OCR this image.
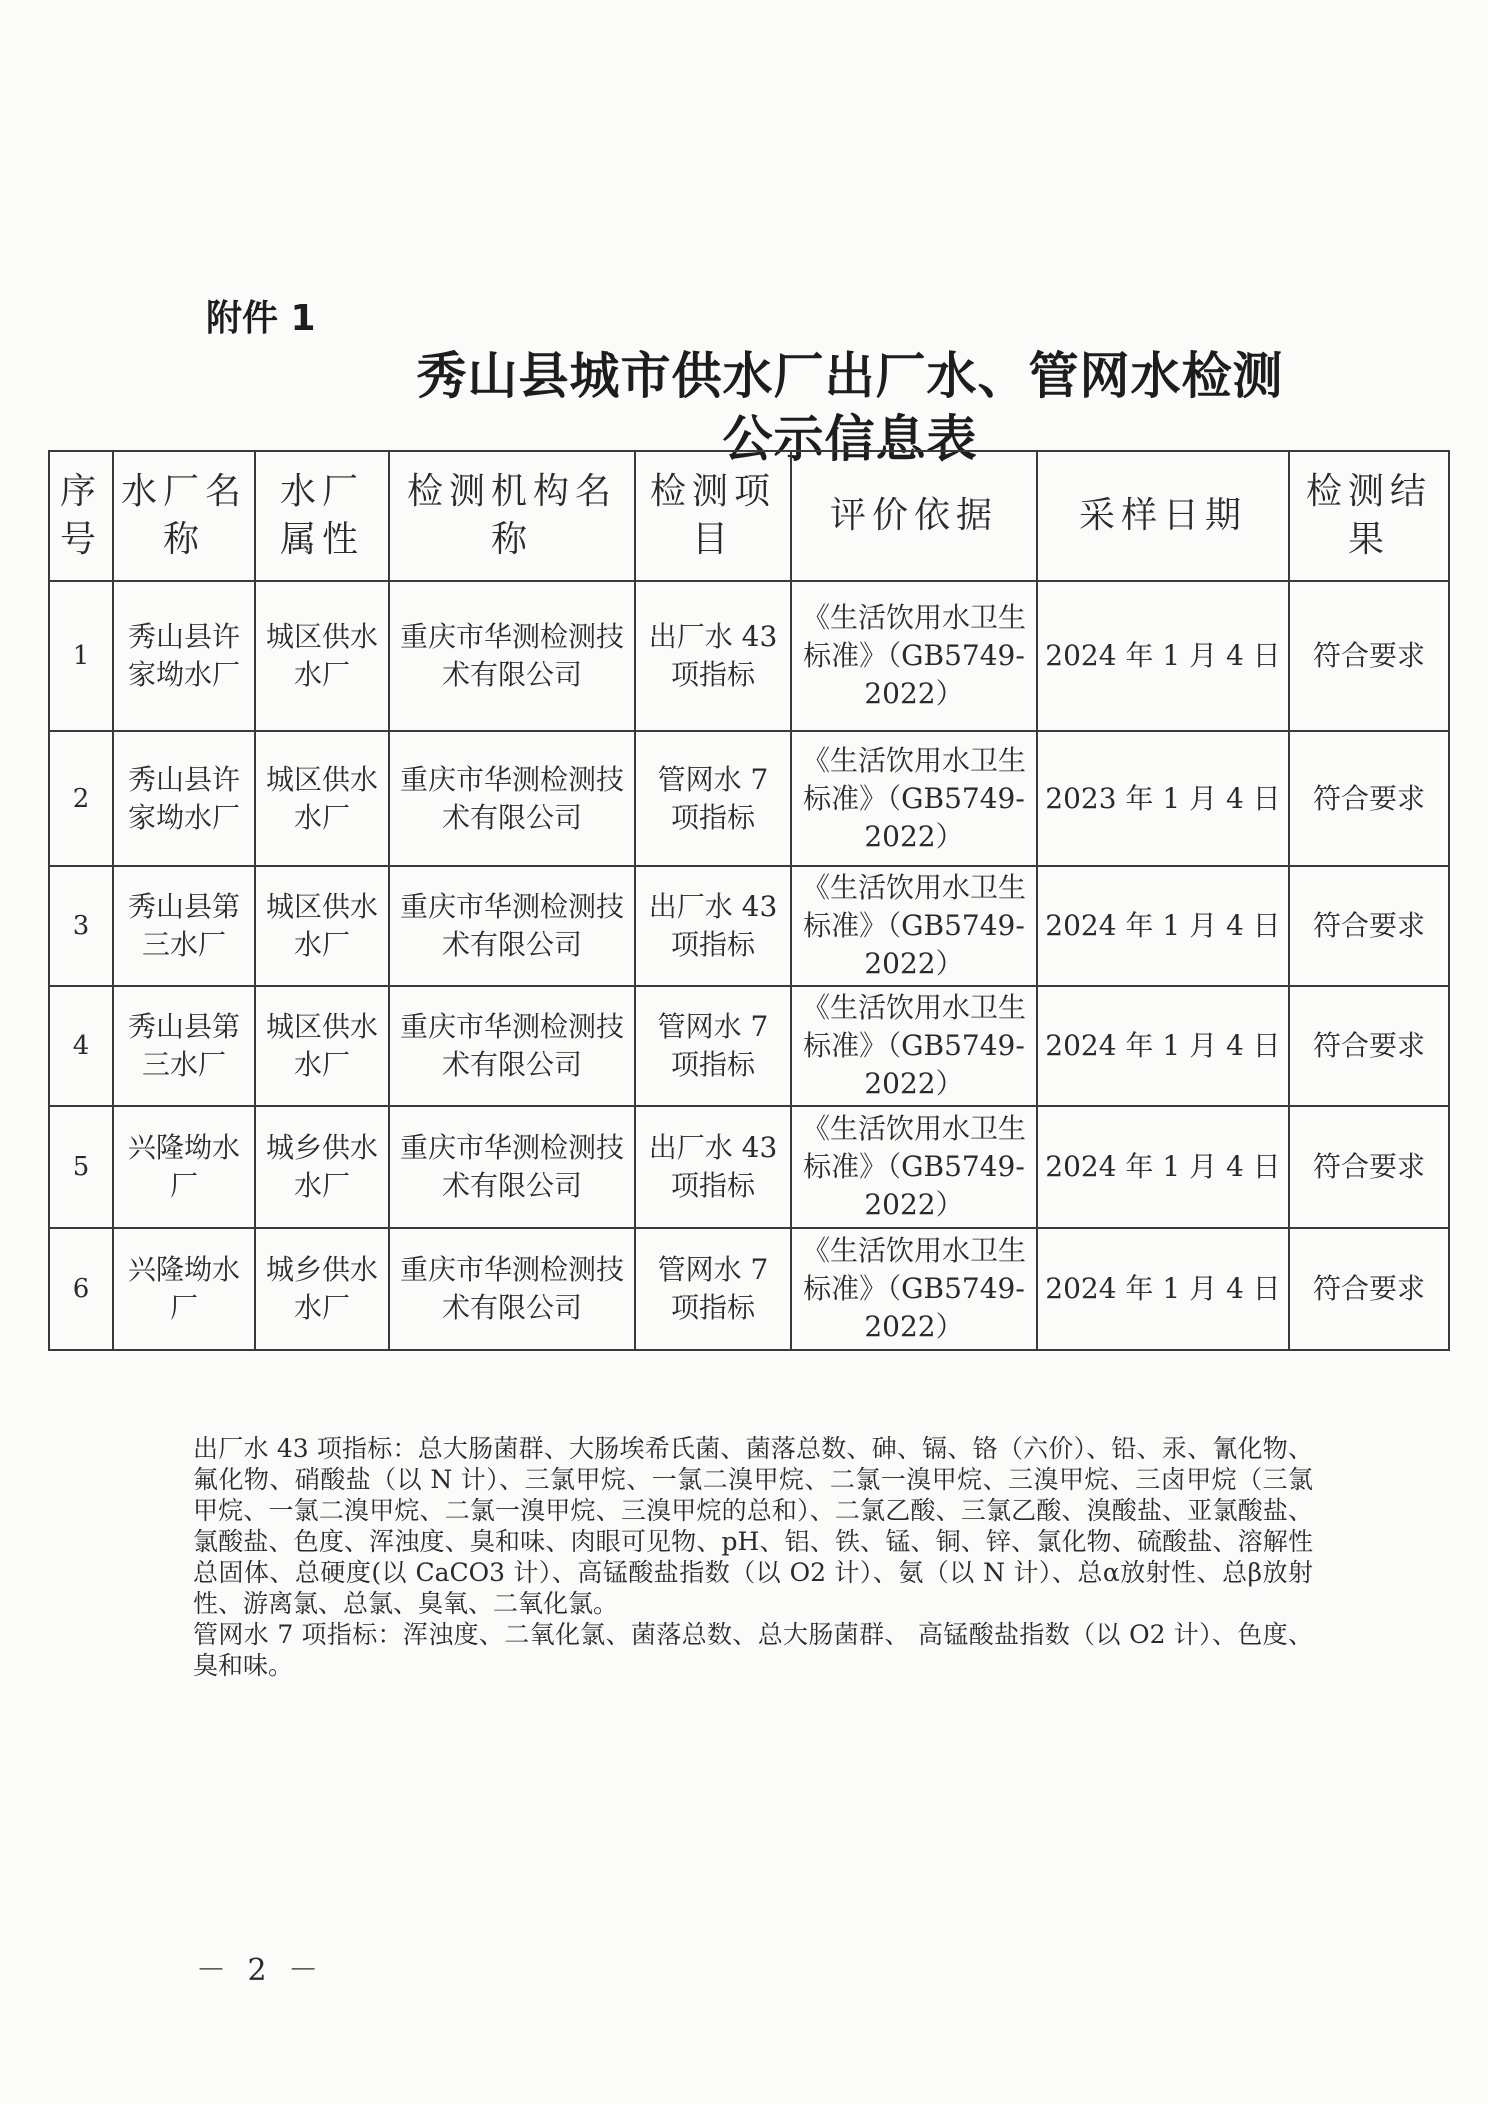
附件 1
秀山县城市供水厂出厂水、管网水检测
公示信息表
序号	水厂名称	水厂属性	检测机构名称	检测项目	评价依据	采样日期	检测结果
1	秀山县许家坳水厂	城区供水水厂	重庆市华测检测技术有限公司	出厂水 43 项指标	《生活饮用水卫生标准》（GB5749-2022）	2024 年 1 月 4 日	符合要求
2	秀山县许家坳水厂	城区供水水厂	重庆市华测检测技术有限公司	管网水 7 项指标	《生活饮用水卫生标准》（GB5749-2022）	2023 年 1 月 4 日	符合要求
3	秀山县第三水厂	城区供水水厂	重庆市华测检测技术有限公司	出厂水 43 项指标	《生活饮用水卫生标准》（GB5749-2022）	2024 年 1 月 4 日	符合要求
4	秀山县第三水厂	城区供水水厂	重庆市华测检测技术有限公司	管网水 7 项指标	《生活饮用水卫生标准》（GB5749-2022）	2024 年 1 月 4 日	符合要求
5	兴隆坳水厂	城乡供水水厂	重庆市华测检测技术有限公司	出厂水 43 项指标	《生活饮用水卫生标准》（GB5749-2022）	2024 年 1 月 4 日	符合要求
6	兴隆坳水厂	城乡供水水厂	重庆市华测检测技术有限公司	管网水 7 项指标	《生活饮用水卫生标准》（GB5749-2022）	2024 年 1 月 4 日	符合要求

出厂水 43 项指标：总大肠菌群、大肠埃希氏菌、菌落总数、砷、镉、铬（六价）、铅、汞、氰化物、氟化物、硝酸盐（以 N 计）、三氯甲烷、一氯二溴甲烷、二氯一溴甲烷、三溴甲烷、三卤甲烷（三氯甲烷、一氯二溴甲烷、二氯一溴甲烷、三溴甲烷的总和）、二氯乙酸、三氯乙酸、溴酸盐、亚氯酸盐、氯酸盐、色度、浑浊度、臭和味、肉眼可见物、pH、铝、铁、锰、铜、锌、氯化物、硫酸盐、溶解性总固体、总硬度(以 CaCO3 计）、高锰酸盐指数（以 O2 计）、氨（以 N 计）、总α放射性、总β放射性、游离氯、总氯、臭氧、二氧化氯。

管网水 7 项指标：浑浊度、二氧化氯、菌落总数、总大肠菌群、 高锰酸盐指数（以 O2 计）、色度、臭和味。

－ 2 －
